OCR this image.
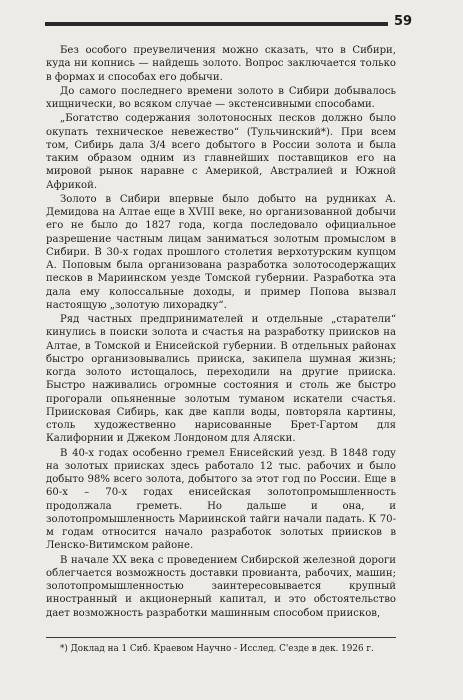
59

Без особого преувеличения можно сказать, что в Сибири, куда ни копнись — найдешь золото. Вопрос заключается только в формах и способах его добычи.

До самого последнего времени золото в Сибири добывалось хищнически, во всяком случае — экстенсивными способами.

„Богатство содержания золотоносных песков должно было окупать техническое невежество“ (Тульчинский*). При всем том, Сибирь дала 3/4 всего добытого в России золота и была таким образом одним из главнейших поставщиков его на мировой рынок наравне с Америкой, Австралией и Южной Африкой.

Золото в Сибири впервые было добыто на рудниках А. Демидова на Алтае еще в XVIII веке, но организованной добычи его не было до 1827 года, когда последовало официальное разрешение частным лицам заниматься золотым промыслом в Сибири. В 30-х годах прошлого столетия верхотурским купцом А. Поповым была организована разработка золотосодержащих песков в Мариинском уезде Томской губернии. Разработка эта дала ему колоссальные доходы, и пример Попова вызвал настоящую „золотую лихорадку“.

Ряд частных предпринимателей и отдельные „старатели“ кинулись в поиски золота и счастья на разработку приисков на Алтае, в Томской и Енисейской губернии. В отдельных районах быстро организовывались прииска, закипела шумная жизнь; когда золото истощалось, переходили на другие прииска. Быстро наживались огромные состояния и столь же быстро прогорали опьяненные золотым туманом искатели счастья. Приисковая Сибирь, как две капли воды, повторяла картины, столь художественно нарисованные Брет-Гартом для Калифорнии и Джеком Лондоном для Аляски.

В 40-х годах особенно гремел Енисейский уезд. В 1848 году на золотых приисках здесь работало 12 тыс. рабочих и было добыто 98% всего золота, добытого за этот год по России. Еще в 60-х – 70-х годах енисейская золотопромышленность продолжала греметь. Но дальше и она, и золотопромышленность Мариинской тайги начали падать. К 70-м годам относится начало разработок золотых приисков в Ленско-Витимском районе.

В начале XX века с проведением Сибирской железной дороги облегчается возможность доставки провианта, рабочих, машин; золотопромышленностью заинтересовывается крупный иностранный и акционерный капитал, и это обстоятельство дает возможность разработки машинным способом приисков,

*) Доклад на 1 Сиб. Краевом Научно - Исслед. С'езде в дек. 1926 г.
